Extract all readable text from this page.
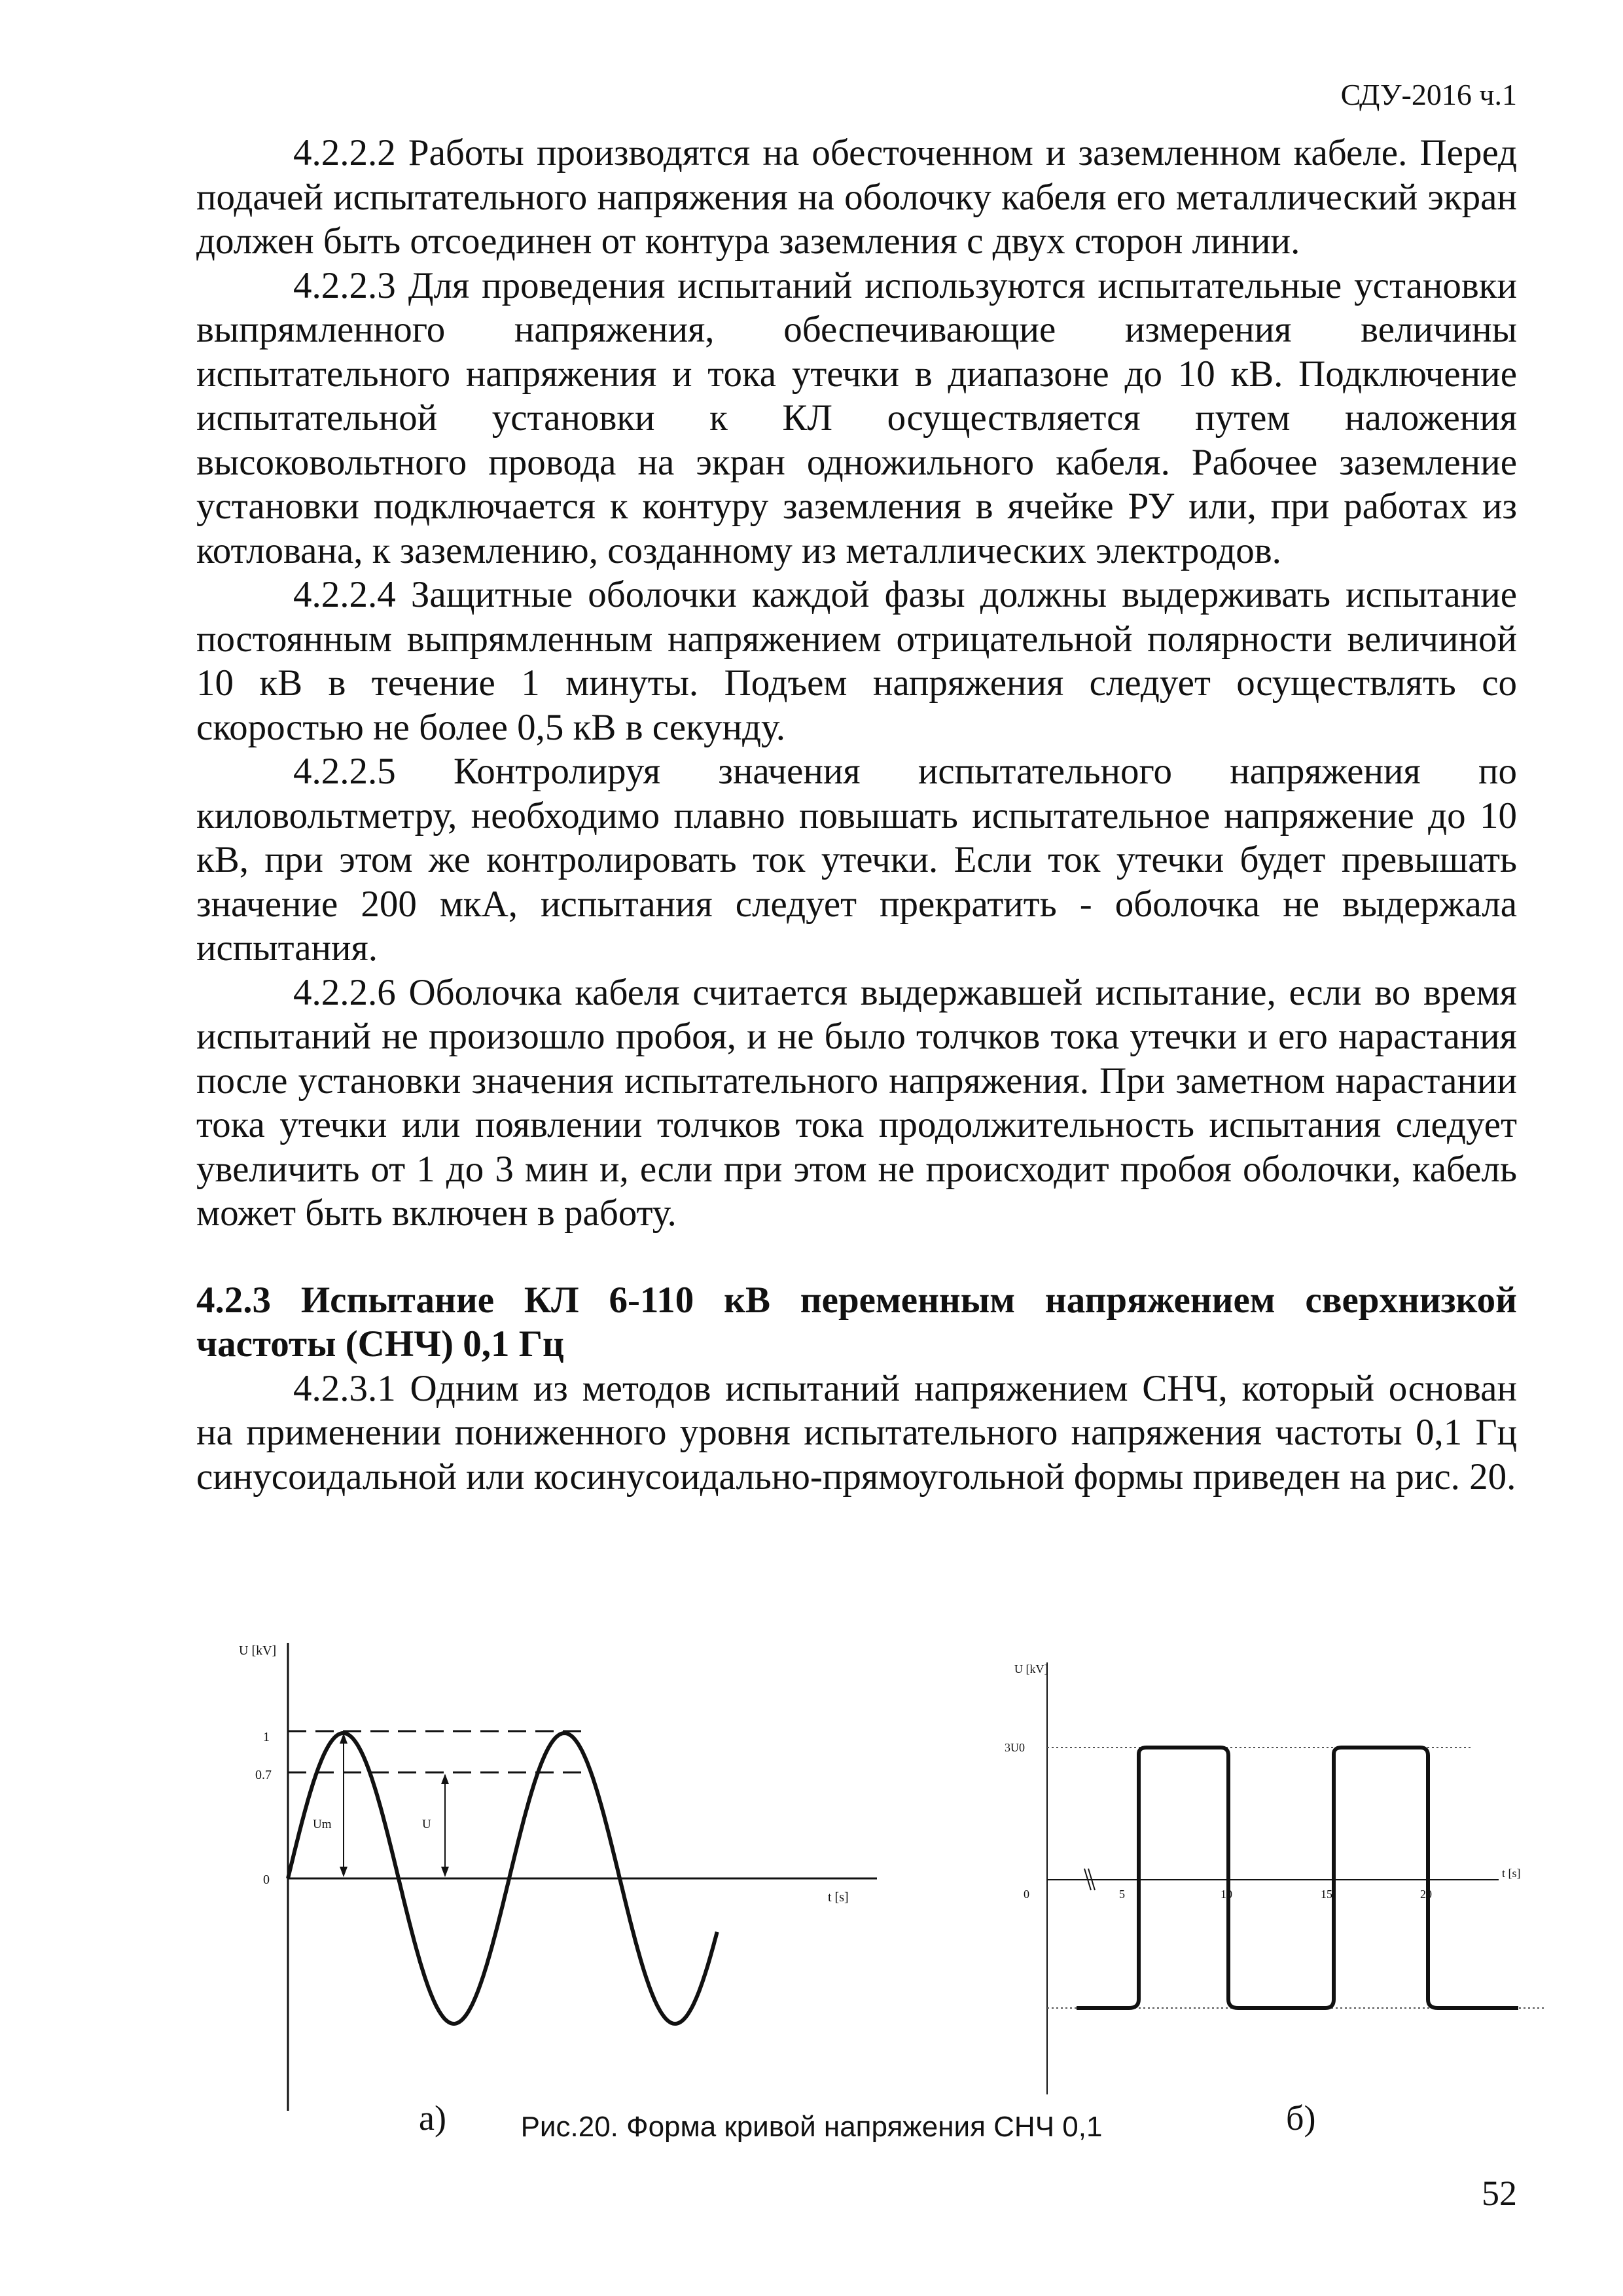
СДУ-2016 ч.1

4.2.2.2 Работы производятся на обесточенном и заземленном кабеле. Перед подачей испытательного напряжения на оболочку кабеля его металлический экран должен быть отсоединен от контура заземления с двух сторон линии.

4.2.2.3 Для проведения испытаний используются испытательные установки выпрямленного напряжения, обеспечивающие измерения величины испытательного напряжения и тока утечки в диапазоне до 10 кВ. Подключение испытательной установки к КЛ осуществляется путем наложения высоковольтного провода на экран одножильного кабеля. Рабочее заземление установки подключается к контуру заземления в ячейке РУ или, при работах из котлована, к заземлению, созданному из металлических электродов.

4.2.2.4 Защитные оболочки каждой фазы должны выдерживать испытание постоянным выпрямленным напряжением отрицательной полярности величиной 10 кВ в течение 1 минуты. Подъем напряжения следует осуществлять со скоростью не более 0,5 кВ в секунду.

4.2.2.5 Контролируя значения испытательного напряжения по киловольтметру, необходимо плавно повышать испытательное напряжение до 10 кВ, при этом же контролировать ток утечки. Если ток утечки будет превышать значение 200 мкА, испытания следует прекратить - оболочка не выдержала испытания.

4.2.2.6 Оболочка кабеля считается выдержавшей испытание, если во время испытаний не произошло пробоя, и не было толчков тока утечки и его нарастания после установки значения испытательного напряжения. При заметном нарастании тока утечки или появлении толчков тока продолжительность испытания следует увеличить от 1 до 3 мин и, если при этом не происходит пробоя оболочки, кабель может быть включен в работу.

4.2.3 Испытание КЛ 6-110 кВ переменным напряжением сверхнизкой частоты (СНЧ) 0,1 Гц

4.2.3.1 Одним из методов испытаний напряжением СНЧ, который основан на применении пониженного уровня испытательного напряжения частоты 0,1 Гц синусоидальной или косинусоидально-прямоугольной формы приведен на рис. 20.

U [kV]
t [s]
1
0.7
0
Um	U
а)
U [kV]
t [s]
3U0
0	5	10	15	20
б)
Рис.20. Форма кривой напряжения СНЧ 0,1
52
